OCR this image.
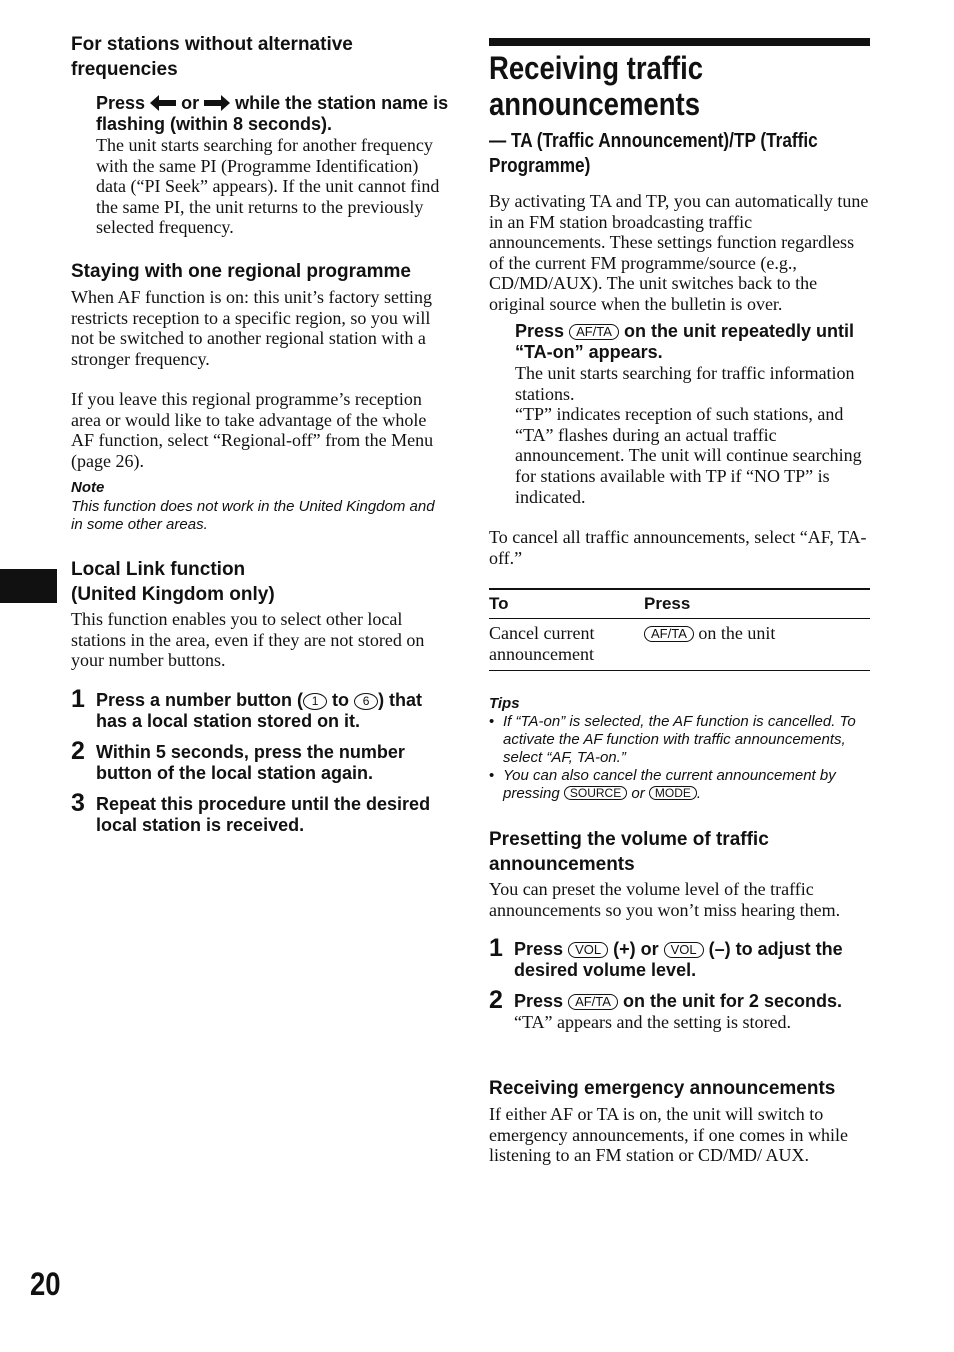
For stations without alternative frequencies

Press or while the station name is flashing (within 8 seconds).

The unit starts searching for another frequency with the same PI (Programme Identification) data (“PI Seek” appears). If the unit cannot find the same PI, the unit returns to the previously selected frequency.

Staying with one regional programme

When AF function is on: this unit’s factory setting restricts reception to a specific region, so you will not be switched to another regional station with a stronger frequency.

If you leave this regional programme’s reception area or would like to take advantage of the whole AF function, select “Regional-off” from the Menu (page 26).

Note

This function does not work in the United Kingdom and in some other areas.

Local Link function
(United Kingdom only)

This function enables you to select other local stations in the area, even if they are not stored on your number buttons.

1 Press a number button ( 1 to 6 ) that has a local station stored on it.
2 Within 5 seconds, press the number button of the local station again.
3 Repeat this procedure until the desired local station is received.
Receiving traffic
announcements
— TA (Traffic Announcement)/TP (Traffic Programme)

By activating TA and TP, you can automatically tune in an FM station broadcasting traffic announcements. These settings function regardless of the current FM programme/source (e.g., CD/MD/AUX). The unit switches back to the original source when the bulletin is over.

Press AF/TA on the unit repeatedly until “TA-on” appears.

The unit starts searching for traffic information stations.

“TP” indicates reception of such stations, and “TA” flashes during an actual traffic announcement. The unit will continue searching for stations available with TP if “NO TP” is indicated.

To cancel all traffic announcements, select “AF, TA-off.”

To	Press
Cancel current announcement	AF/TA on the unit

Tips

• If “TA-on” is selected, the AF function is cancelled. To activate the AF function with traffic announcements, select “AF, TA-on.”

• You can also cancel the current announcement by pressing SOURCE or MODE .

Presetting the volume of traffic announcements

You can preset the volume level of the traffic announcements so you won’t miss hearing them.

1 Press VOL (+) or VOL (–) to adjust the desired volume level.
2 Press AF/TA on the unit for 2 seconds.

“TA” appears and the setting is stored.

Receiving emergency announcements

If either AF or TA is on, the unit will switch to emergency announcements, if one comes in while listening to an FM station or CD/MD/ AUX.

20
